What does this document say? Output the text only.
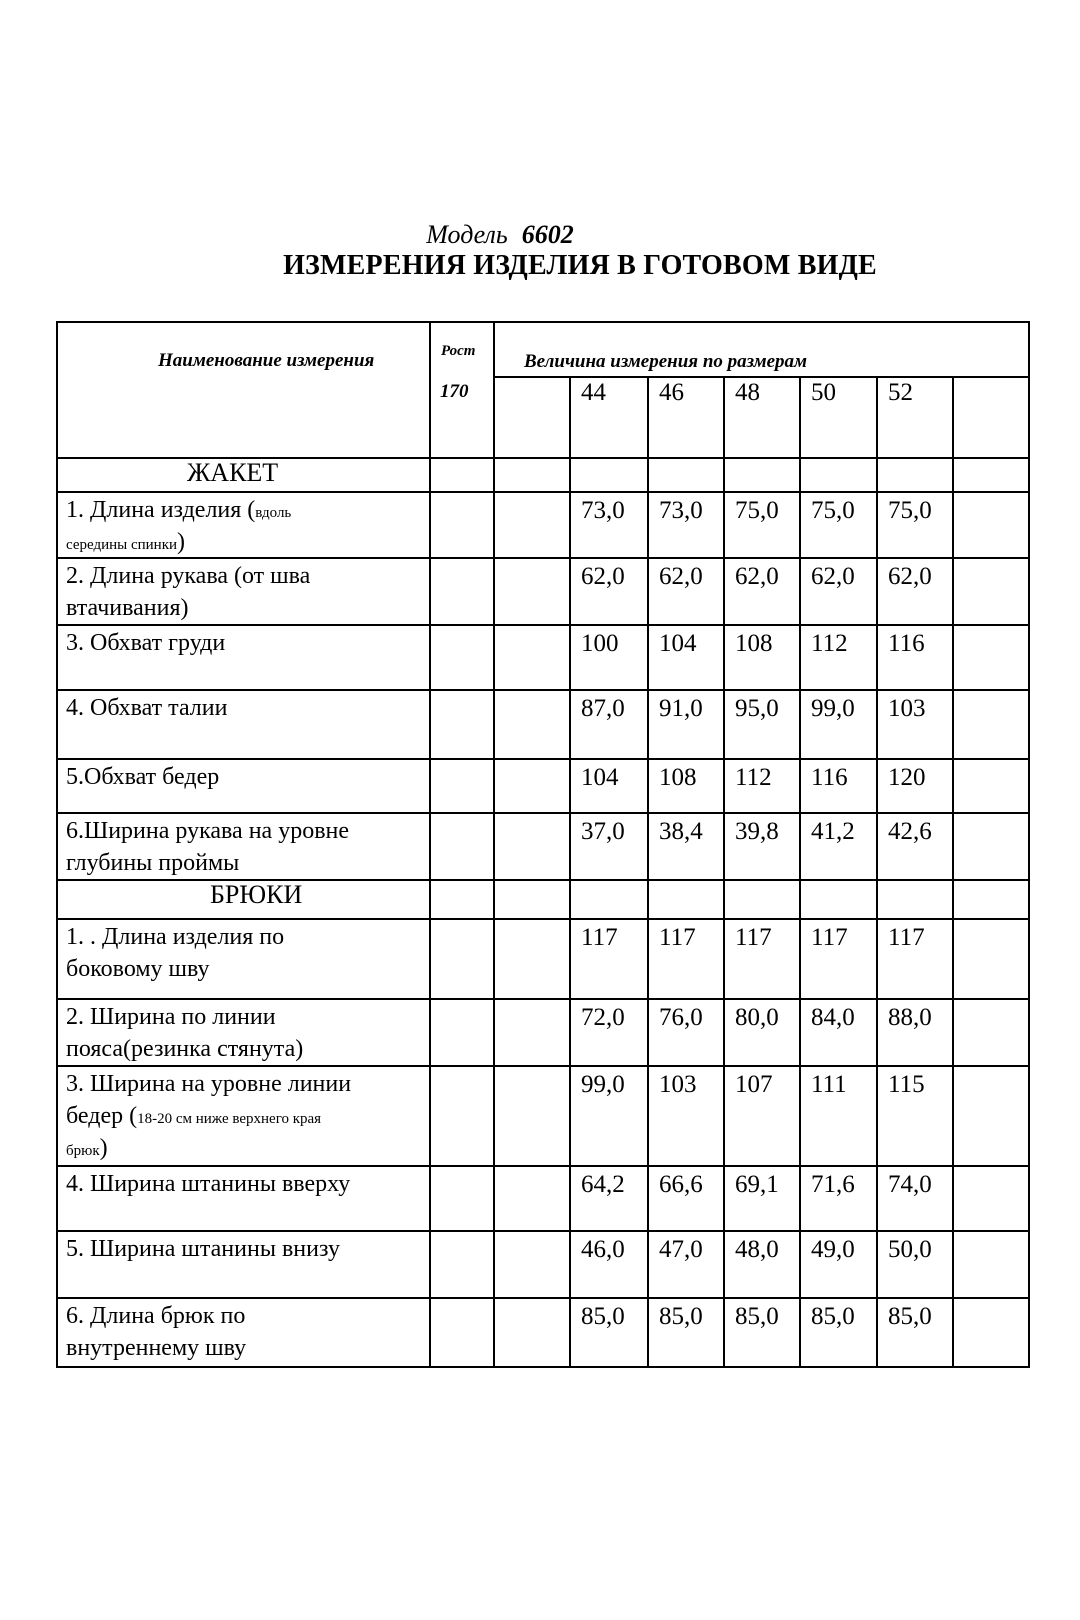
Модель 6602
ИЗМЕРЕНИЯ ИЗДЕЛИЯ В ГОТОВОМ ВИДЕ
Наименование измерения	Рост
170
Величина измерения по размерам
44 46 48 50 52
ЖАКЕТ
1. Длина изделия (вдоль
середины спинки)
73,0 73,0 75,0 75,0 75,0
2. Длина рукава (от шва
втачивания)
62,0 62,0 62,0 62,0 62,0
3. Обхват груди	100 104 108 112 116
4. Обхват талии	87,0 91,0 95,0 99,0 103
5.Обхват бедер	104 108 112 116 120
6.Ширина рукава на уровне
глубины проймы
37,0 38,4 39,8 41,2 42,6
БРЮКИ
1. . Длина изделия по
боковому шву
117 117 117 117 117
2. Ширина по линии
пояса(резинка стянута)
72,0 76,0 80,0 84,0 88,0
3. Ширина на уровне линии
бедер (18-20 см ниже верхнего края
брюк)
99,0 103 107 111 115
4. Ширина штанины вверху	64,2 66,6 69,1 71,6 74,0
5. Ширина штанины внизу	46,0 47,0 48,0 49,0 50,0
6. Длина брюк по
внутреннему шву
85,0 85,0 85,0 85,0 85,0
